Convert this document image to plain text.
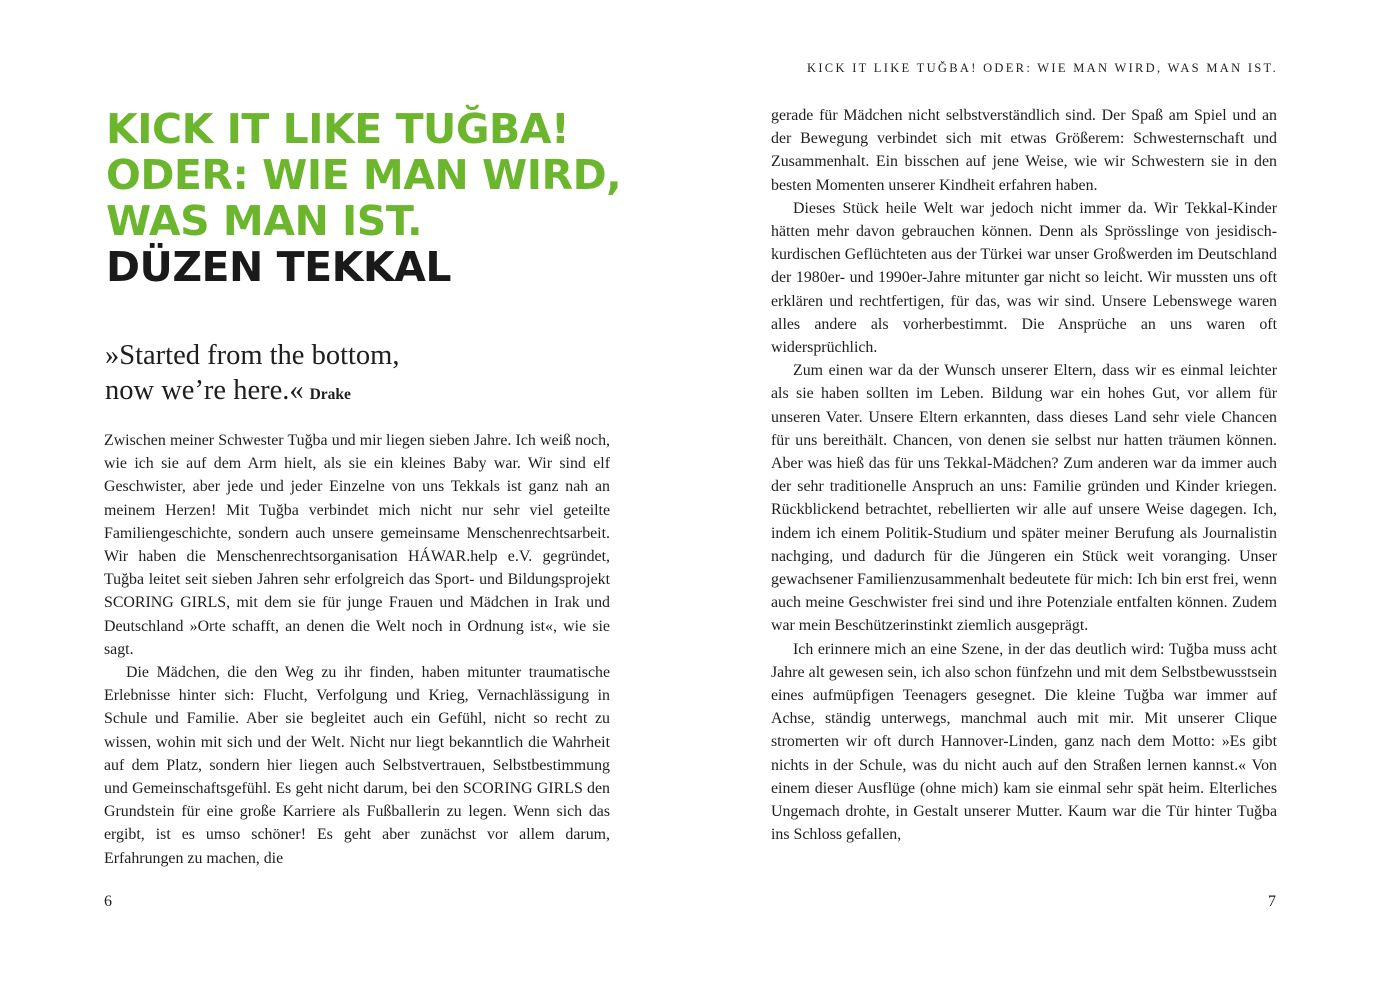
KICK IT LIKE TUĞBA!
ODER: WIE MAN WIRD,
WAS MAN IST.
DÜZEN TEKKAL
»Started from the bottom,
now we’re here.« Drake

Zwischen meiner Schwester Tuğba und mir liegen sieben Jahre. Ich weiß noch, wie ich sie auf dem Arm hielt, als sie ein kleines Baby war. Wir sind elf Geschwister, aber jede und jeder Einzelne von uns Tekkals ist ganz nah an meinem Herzen! Mit Tuğba verbindet mich nicht nur sehr viel geteilte Familiengeschichte, sondern auch unsere gemeinsame Menschenrechtsarbeit. Wir haben die Menschenrechtsorganisation HÁWAR.help e.V. gegründet, Tuğba leitet seit sieben Jahren sehr erfolgreich das Sport- und Bildungsprojekt SCORING GIRLS, mit dem sie für junge Frauen und Mädchen in Irak und Deutschland »Orte schafft, an denen die Welt noch in Ordnung ist«, wie sie sagt.

Die Mädchen, die den Weg zu ihr finden, haben mitunter traumatische Erlebnisse hinter sich: Flucht, Verfolgung und Krieg, Vernachlässigung in Schule und Familie. Aber sie begleitet auch ein Gefühl, nicht so recht zu wissen, wohin mit sich und der Welt. Nicht nur liegt bekanntlich die Wahrheit auf dem Platz, sondern hier liegen auch Selbstvertrauen, Selbstbestimmung und Gemeinschaftsgefühl. Es geht nicht darum, bei den SCORING GIRLS den Grundstein für eine große Karriere als Fußballerin zu legen. Wenn sich das ergibt, ist es umso schöner! Es geht aber zunächst vor allem darum, Erfahrungen zu machen, die

6
KICK IT LIKE TUĞBA! ODER: WIE MAN WIRD, WAS MAN IST.

gerade für Mädchen nicht selbstverständlich sind. Der Spaß am Spiel und an der Bewegung verbindet sich mit etwas Größerem: Schwesternschaft und Zusammenhalt. Ein bisschen auf jene Weise, wie wir Schwestern sie in den besten Momenten unserer Kindheit erfahren haben.

Dieses Stück heile Welt war jedoch nicht immer da. Wir Tekkal-Kinder hätten mehr davon gebrauchen können. Denn als Sprösslinge von jesidisch-kurdischen Geflüchteten aus der Türkei war unser Großwerden im Deutschland der 1980er- und 1990er-Jahre mitunter gar nicht so leicht. Wir mussten uns oft erklären und rechtfertigen, für das, was wir sind. Unsere Lebenswege waren alles andere als vorherbestimmt. Die Ansprüche an uns waren oft widersprüchlich.

Zum einen war da der Wunsch unserer Eltern, dass wir es einmal leichter als sie haben sollten im Leben. Bildung war ein hohes Gut, vor allem für unseren Vater. Unsere Eltern erkannten, dass dieses Land sehr viele Chancen für uns bereithält. Chancen, von denen sie selbst nur hatten träumen können. Aber was hieß das für uns Tekkal-Mädchen? Zum anderen war da immer auch der sehr traditionelle Anspruch an uns: Familie gründen und Kinder kriegen. Rückblickend betrachtet, rebellierten wir alle auf unsere Weise dagegen. Ich, indem ich einem Politik-Studium und später meiner Berufung als Journalistin nachging, und dadurch für die Jüngeren ein Stück weit voranging. Unser gewachsener Familienzusammenhalt bedeutete für mich: Ich bin erst frei, wenn auch meine Geschwister frei sind und ihre Potenziale entfalten können. Zudem war mein Beschützerinstinkt ziemlich ausgeprägt.

Ich erinnere mich an eine Szene, in der das deutlich wird: Tuğba muss acht Jahre alt gewesen sein, ich also schon fünfzehn und mit dem Selbstbewusstsein eines aufmüpfigen Teenagers gesegnet. Die kleine Tuğba war immer auf Achse, ständig unterwegs, manchmal auch mit mir. Mit unserer Clique stromerten wir oft durch Hannover-Linden, ganz nach dem Motto: »Es gibt nichts in der Schule, was du nicht auch auf den Straßen lernen kannst.« Von einem dieser Ausflüge (ohne mich) kam sie einmal sehr spät heim. Elterliches Ungemach drohte, in Gestalt unserer Mutter. Kaum war die Tür hinter Tuğba ins Schloss gefallen,

7
